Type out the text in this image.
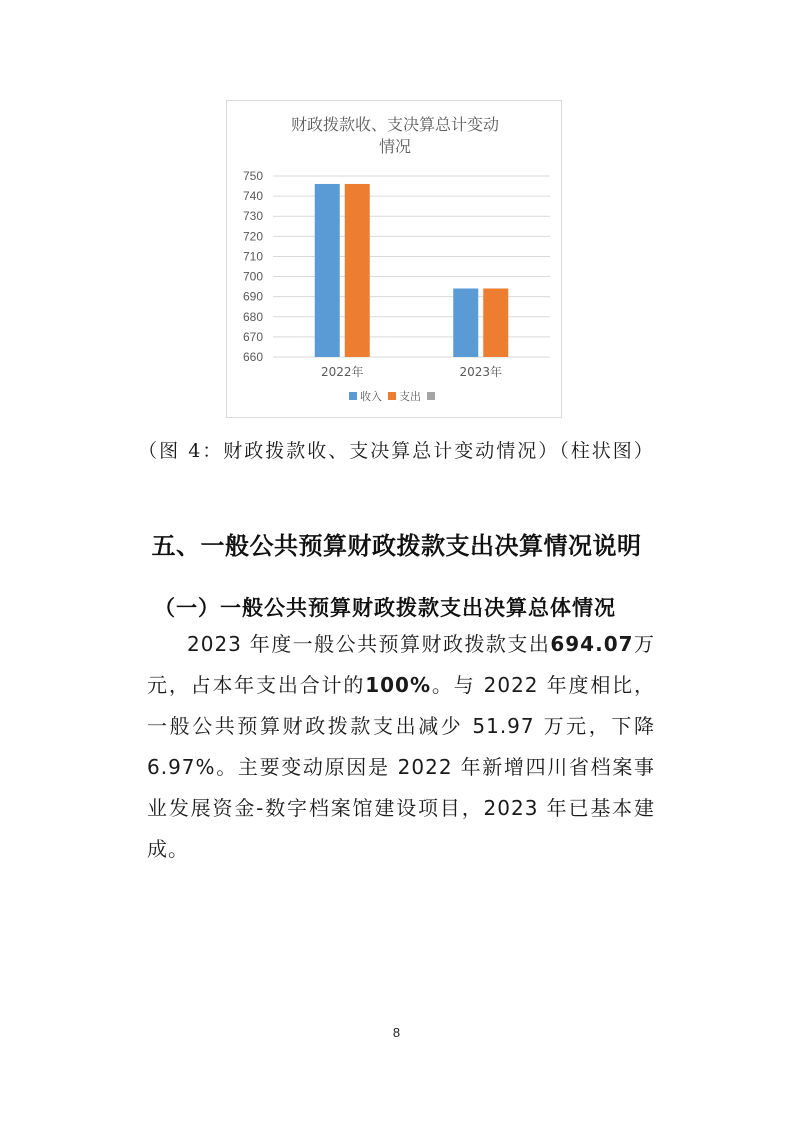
财政拨款收、支决算总计变动
情况
660
670
680
690
700
710
720
730
740
750
2022年	2023年
收入 支出
（图 4：财政拨款收、支决算总计变动情况）（柱状图）
五、一般公共预算财政拨款支出决算情况说明
（一）一般公共预算财政拨款支出决算总体情况

2023 年度一般公共预算财政拨款支出694.07万元，占本年支出合计的100%。与 2022 年度相比，一般公共预算财政拨款支出减少 51.97 万元，下降 6.97%。主要变动原因是 2022 年新增四川省档案事业发展资金-数字档案馆建设项目，2023 年已基本建成。

8
